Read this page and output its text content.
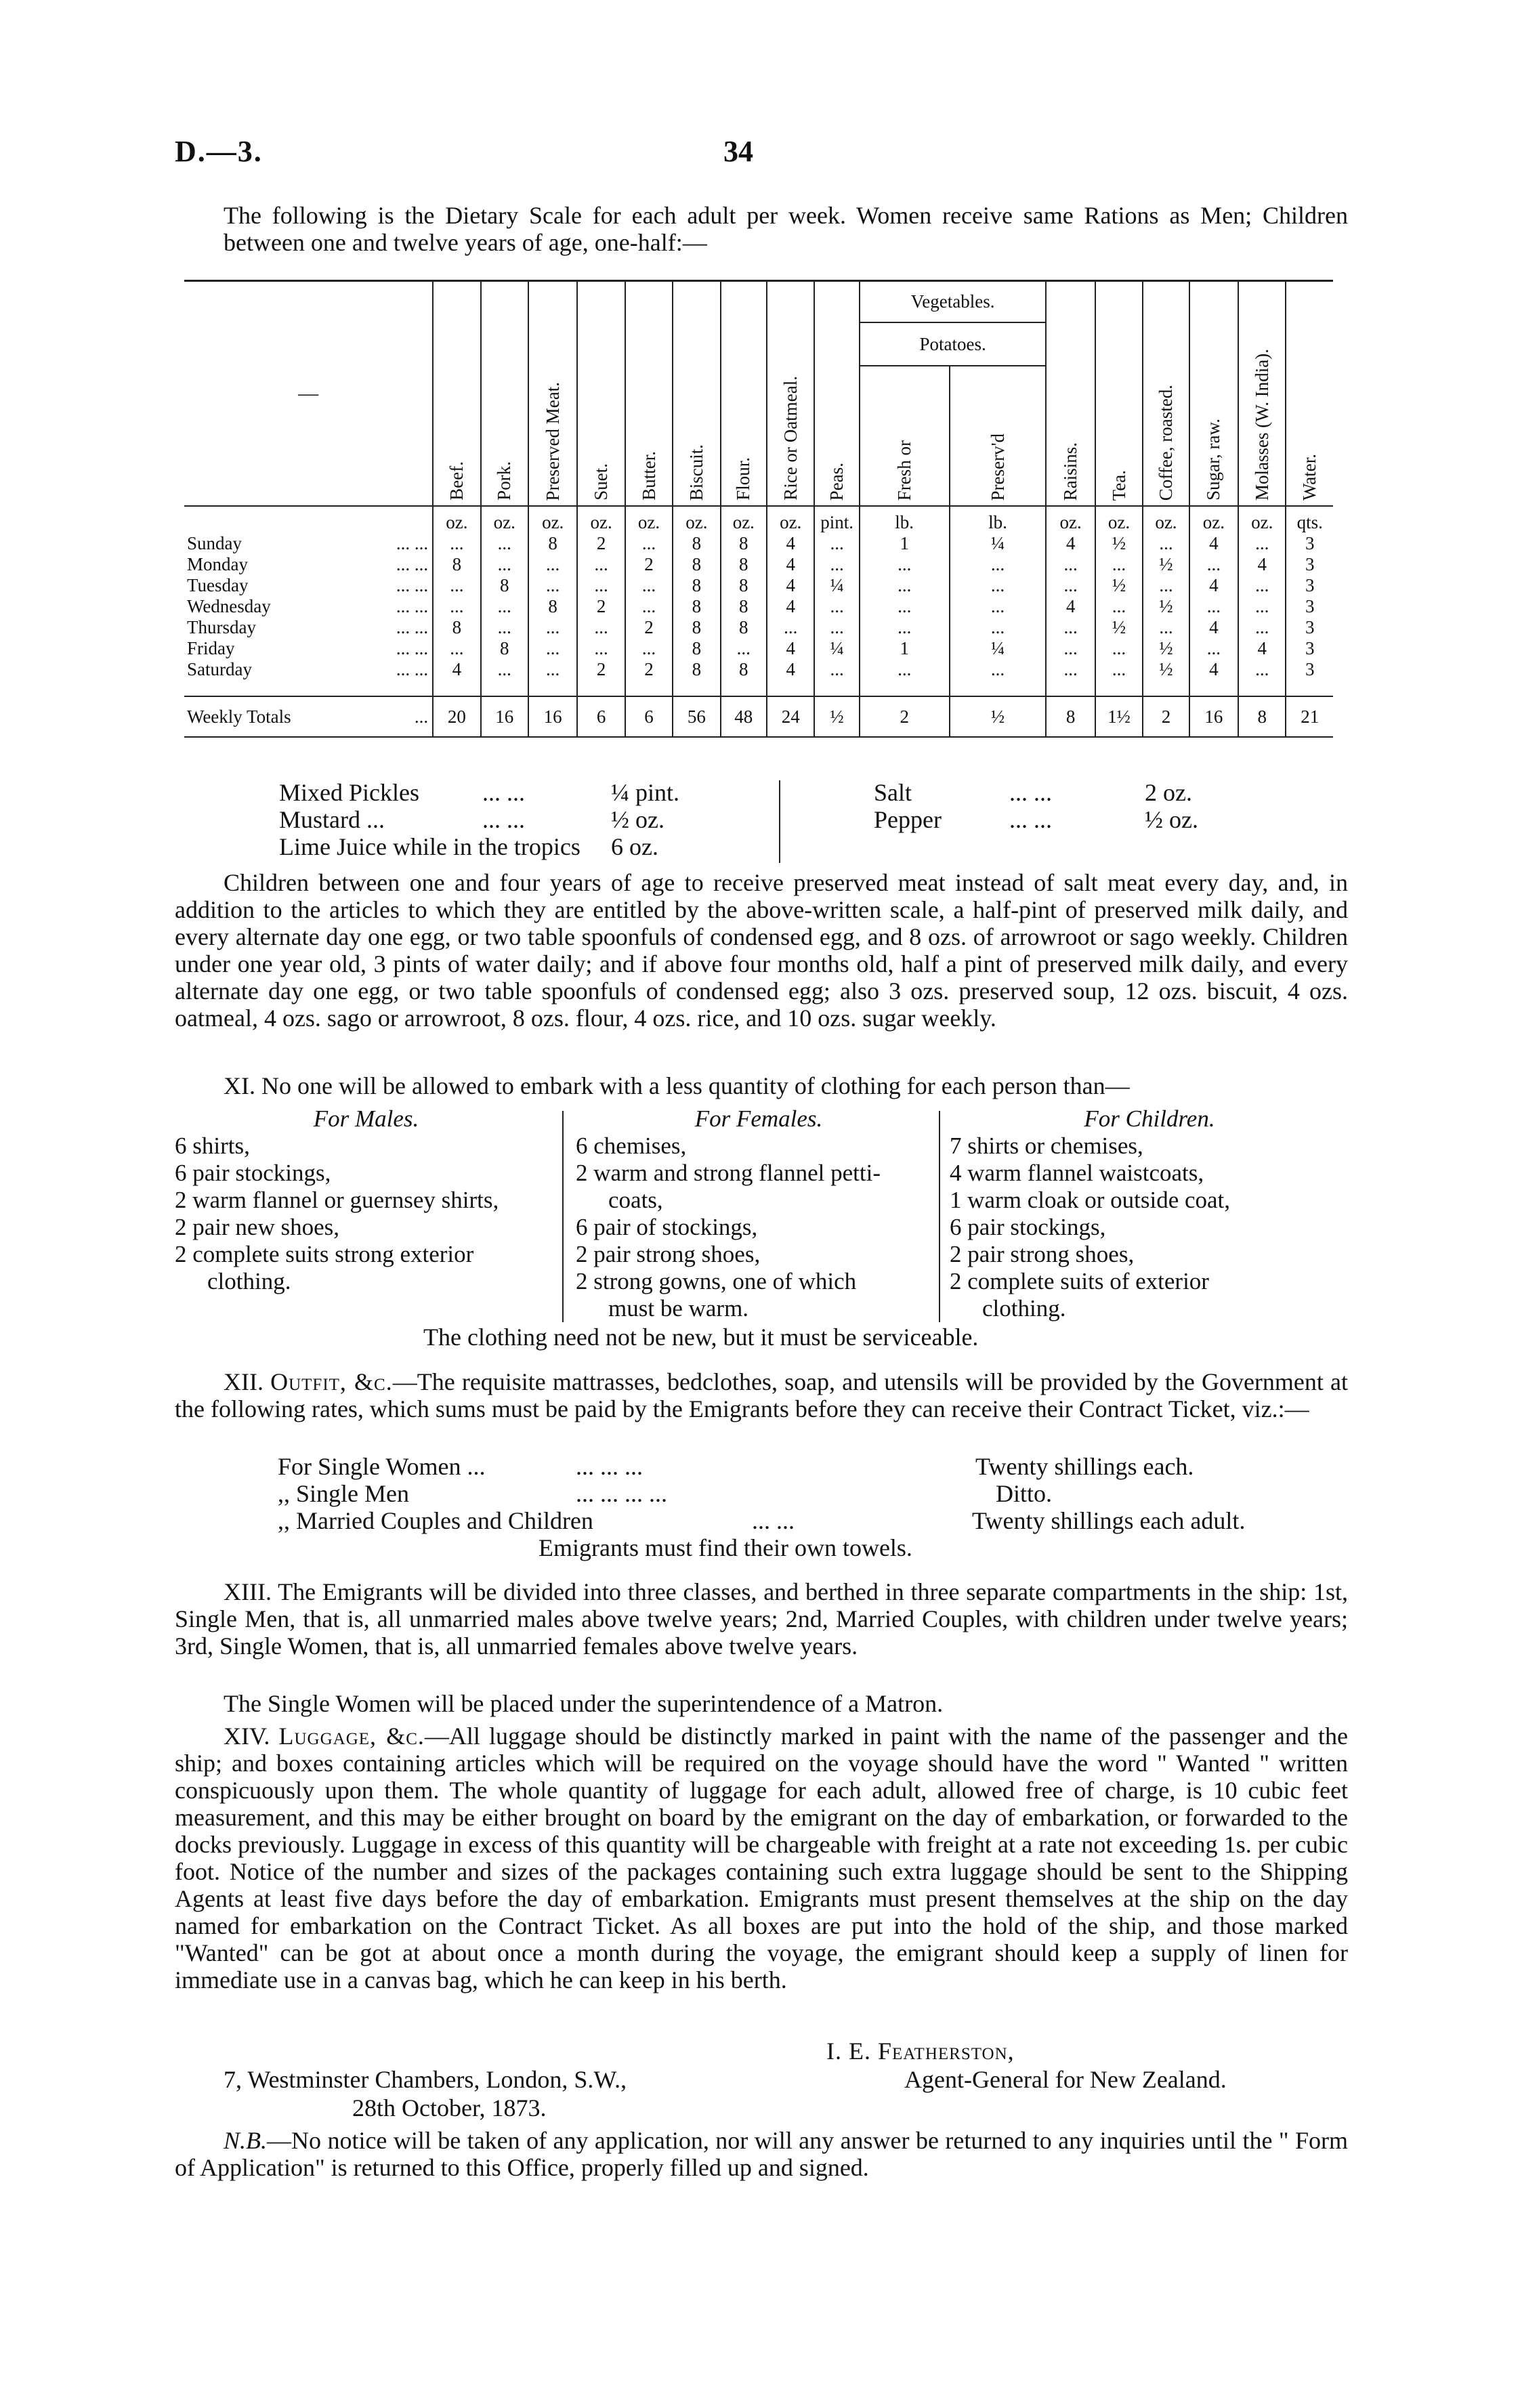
D.—3.	34
The following is the Dietary Scale for each adult per week. Women receive same Rations as Men; Children between one and twelve years of age, one-half:—
—	Beef.	Pork.	Preserved Meat.	Suet.	Butter.	Biscuit.	Flour.	Rice or Oatmeal.	Peas.	Vegetables.		Raisins.	Tea.	Coffee, roasted.	Sugar, raw.	Molasses (W. India).	Water.
										Potatoes.							
										Fresh or	Preserv'd						
	oz.	oz.	oz.	oz.	oz.	oz.	oz.	oz.	pint.	lb.	lb.	oz.	oz.	oz.	oz.	oz.	qts.
Sunday ... ...	...	...	8	2	...	8	8	4	...	1	¼	4	½	...	4	...	3
Monday ... ...	8	...	...	...	2	8	8	4	...	...	...	...	...	½	...	4	3
Tuesday ... ...	...	8	...	...	...	8	8	4	¼	...	...	...	½	...	4	...	3
Wednesday ... ...	...	...	8	2	...	8	8	4	...	...	...	4	...	½	...	...	3
Thursday ... ...	8	...	...	...	2	8	8	...	...	...	...	...	½	...	4	...	3
Friday ... ...	...	8	...	...	...	8	...	4	¼	1	¼	...	...	½	...	4	3
Saturday ... ...	4	...	...	2	2	8	8	4	...	...	...	...	...	½	4	...	3

Weekly Totals ...	20	16	16	6	6	56	48	24	½	2	½	8	1½	2	16	8	21
Mixed Pickles	... ...	¼ pint.
Mustard ...	... ...	½ oz.
Lime Juice while in the tropics 6 oz.
Salt	... ...	2 oz.
Pepper	... ...	½ oz.
Children between one and four years of age to receive preserved meat instead of salt meat every day, and, in addition to the articles to which they are entitled by the above-written scale, a half-pint of preserved milk daily, and every alternate day one egg, or two table spoonfuls of condensed egg, and 8 ozs. of arrowroot or sago weekly. Children under one year old, 3 pints of water daily; and if above four months old, half a pint of preserved milk daily, and every alternate day one egg, or two table spoonfuls of condensed egg; also 3 ozs. preserved soup, 12 ozs. biscuit, 4 ozs. oatmeal, 4 ozs. sago or arrowroot, 8 ozs. flour, 4 ozs. rice, and 10 ozs. sugar weekly.
XI. No one will be allowed to embark with a less quantity of clothing for each person than—
For Males.
6 shirts,
6 pair stockings,
2 warm flannel or guernsey shirts,
2 pair new shoes,
2 complete suits strong exterior
clothing.
For Females.
6 chemises,
2 warm and strong flannel petti-
coats,
6 pair of stockings,
2 pair strong shoes,
2 strong gowns, one of which
must be warm.
For Children.
7 shirts or chemises,
4 warm flannel waistcoats,
1 warm cloak or outside coat,
6 pair stockings,
2 pair strong shoes,
2 complete suits of exterior
clothing.
The clothing need not be new, but it must be serviceable.
XII. Outfit, &c.—The requisite mattrasses, bedclothes, soap, and utensils will be provided by the Government at the following rates, which sums must be paid by the Emigrants before they can receive their Contract Ticket, viz.:—
For Single Women ...	... ... ...	Twenty shillings each.
,, Single Men	... ... ... ...	Ditto.
,, Married Couples and Children	... ...	Twenty shillings each adult.
Emigrants must find their own towels.
XIII. The Emigrants will be divided into three classes, and berthed in three separate compartments in the ship: 1st, Single Men, that is, all unmarried males above twelve years; 2nd, Married Couples, with children under twelve years; 3rd, Single Women, that is, all unmarried females above twelve years.
The Single Women will be placed under the superintendence of a Matron.
XIV. Luggage, &c.—All luggage should be distinctly marked in paint with the name of the passenger and the ship; and boxes containing articles which will be required on the voyage should have the word " Wanted " written conspicuously upon them. The whole quantity of luggage for each adult, allowed free of charge, is 10 cubic feet measurement, and this may be either brought on board by the emigrant on the day of embarkation, or forwarded to the docks previously. Luggage in excess of this quantity will be chargeable with freight at a rate not exceeding 1s. per cubic foot. Notice of the number and sizes of the packages containing such extra luggage should be sent to the Shipping Agents at least five days before the day of embarkation. Emigrants must present themselves at the ship on the day named for embarkation on the Contract Ticket. As all boxes are put into the hold of the ship, and those marked "Wanted" can be got at about once a month during the voyage, the emigrant should keep a supply of linen for immediate use in a canvas bag, which he can keep in his berth.
I. E. Featherston,
7, Westminster Chambers, London, S.W.,	Agent-General for New Zealand.
28th October, 1873.
N.B.—No notice will be taken of any application, nor will any answer be returned to any inquiries until the " Form of Application" is returned to this Office, properly filled up and signed.
